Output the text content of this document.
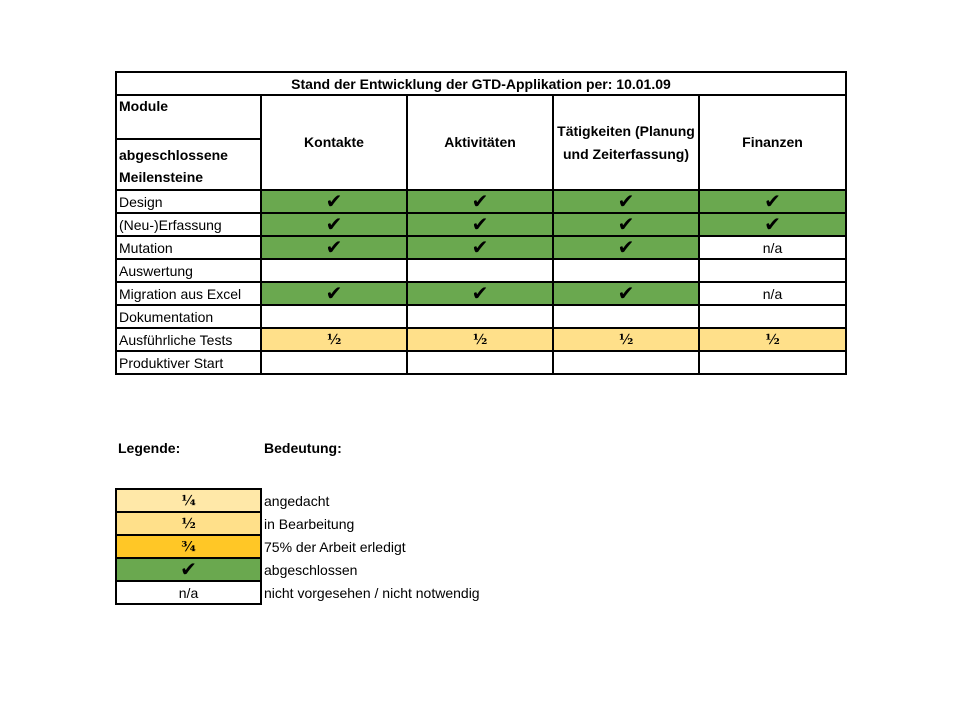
Stand der Entwicklung der GTD-Applikation per: 10.01.09				
Module	Kontakte	Aktivitäten	Tätigkeiten (Planung und Zeiterfassung)	Finanzen
abgeschlossene Meilensteine				
Design	✔	✔	✔	✔
(Neu-)Erfassung	✔	✔	✔	✔
Mutation	✔	✔	✔	n/a
Auswertung				
Migration aus Excel	✔	✔	✔	n/a
Dokumentation				
Ausführliche Tests	½	½	½	½
Produktiver Start				
Legende:	Bedeutung:
¼	angedacht
½	in Bearbeitung
¾	75% der Arbeit erledigt
✔	abgeschlossen
n/a	nicht vorgesehen / nicht notwendig
